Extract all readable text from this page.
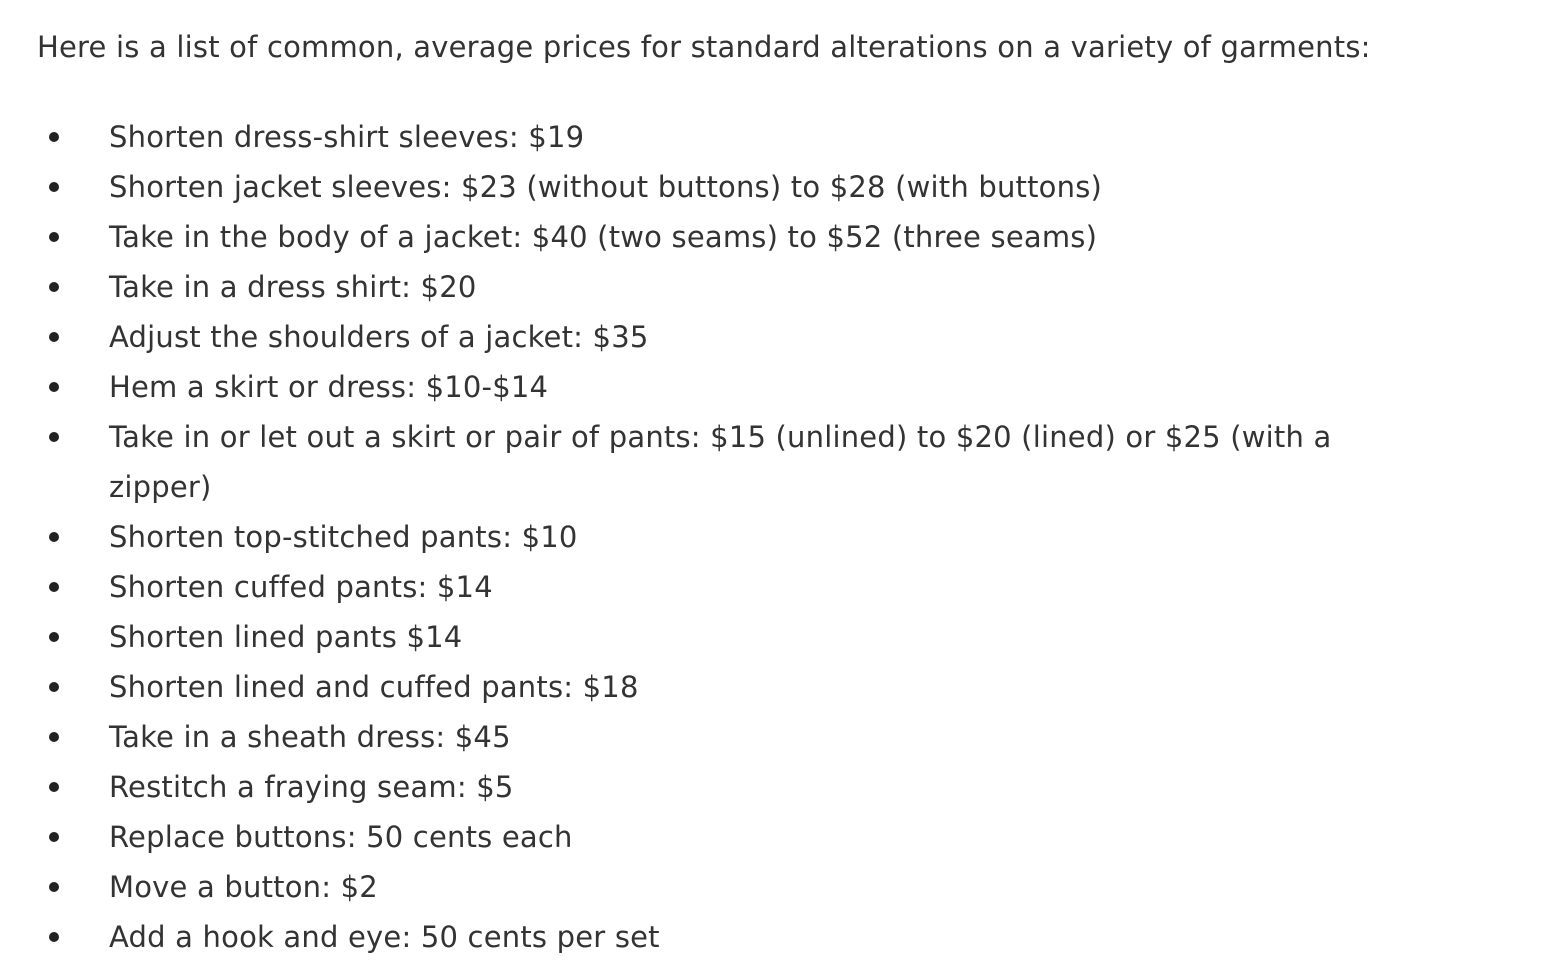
Here is a list of common, average prices for standard alterations on a variety of garments:

Shorten dress-shirt sleeves: $19
Shorten jacket sleeves: $23 (without buttons) to $28 (with buttons)
Take in the body of a jacket: $40 (two seams) to $52 (three seams)
Take in a dress shirt: $20
Adjust the shoulders of a jacket: $35
Hem a skirt or dress: $10-$14
Take in or let out a skirt or pair of pants: $15 (unlined) to $20 (lined) or $25 (with a zipper)
Shorten top-stitched pants: $10
Shorten cuffed pants: $14
Shorten lined pants $14
Shorten lined and cuffed pants: $18
Take in a sheath dress: $45
Restitch a fraying seam: $5
Replace buttons: 50 cents each
Move a button: $2
Add a hook and eye: 50 cents per set
